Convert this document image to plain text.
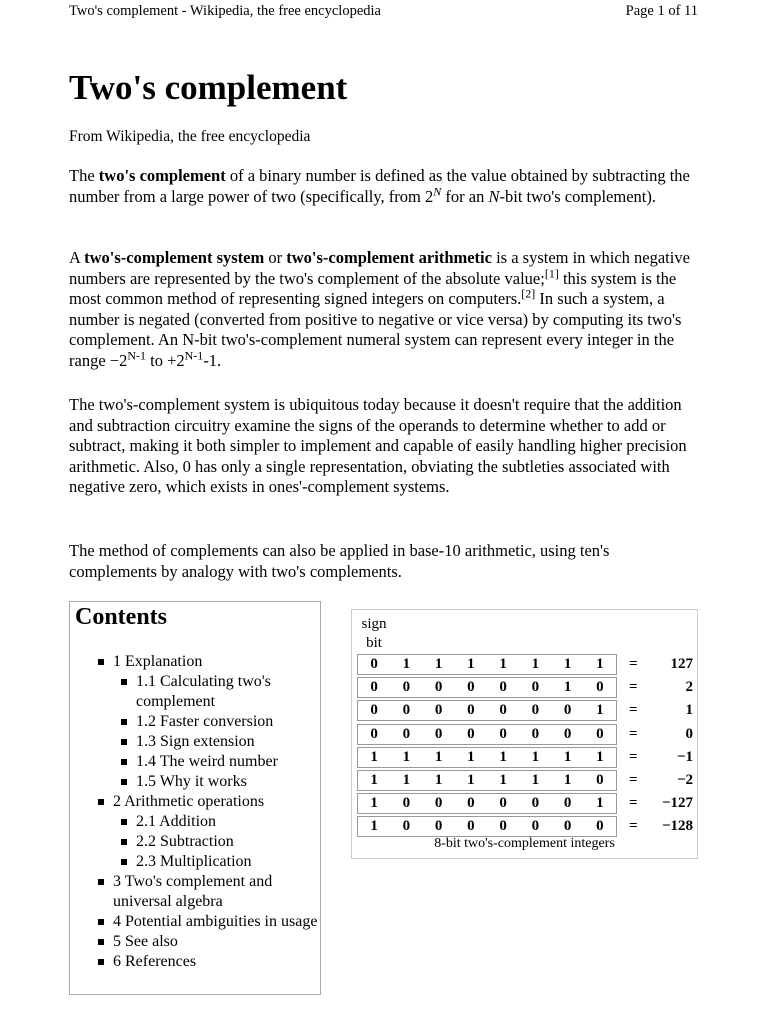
Two's complement - Wikipedia, the free encyclopedia	Page 1 of 11
Two's complement
From Wikipedia, the free encyclopedia

The two's complement of a binary number is defined as the value obtained by subtracting the number from a large power of two (specifically, from $2^N$ for an N-bit two's complement).

A two's-complement system or two's-complement arithmetic is a system in which negative numbers are represented by the two's complement of the absolute value;[1] this system is the most common method of representing signed integers on computers.[2] In such a system, a number is negated (converted from positive to negative or vice versa) by computing its two's complement. An N-bit two's-complement numeral system can represent every integer in the range $-2^{N-1}$ to $+2^{N-1}-1$.

The two's-complement system is ubiquitous today because it doesn't require that the addition and subtraction circuitry examine the signs of the operands to determine whether to add or subtract, making it both simpler to implement and capable of easily handling higher precision arithmetic. Also, 0 has only a single representation, obviating the subtleties associated with negative zero, which exists in ones'-complement systems.

The method of complements can also be applied in base-10 arithmetic, using ten's complements by analogy with two's complements.

Contents
1 Explanation
1.1 Calculating two's complement
1.2 Faster conversion
1.3 Sign extension
1.4 The weird number
1.5 Why it works
2 Arithmetic operations
2.1 Addition
2.2 Subtraction
2.3 Multiplication
3 Two's complement and universal algebra
4 Potential ambiguities in usage
5 See also
6 References
sign bit
0	1	1	1	1	1	1	1	=	127
0	0	0	0	0	0	1	0	=	2
0	0	0	0	0	0	0	1	=	1
0	0	0	0	0	0	0	0	=	0
1	1	1	1	1	1	1	1	=	−1
1	1	1	1	1	1	1	0	=	−2
1	0	0	0	0	0	0	1	=	−127
1	0	0	0	0	0	0	0	=	−128
8-bit two's-complement integers
